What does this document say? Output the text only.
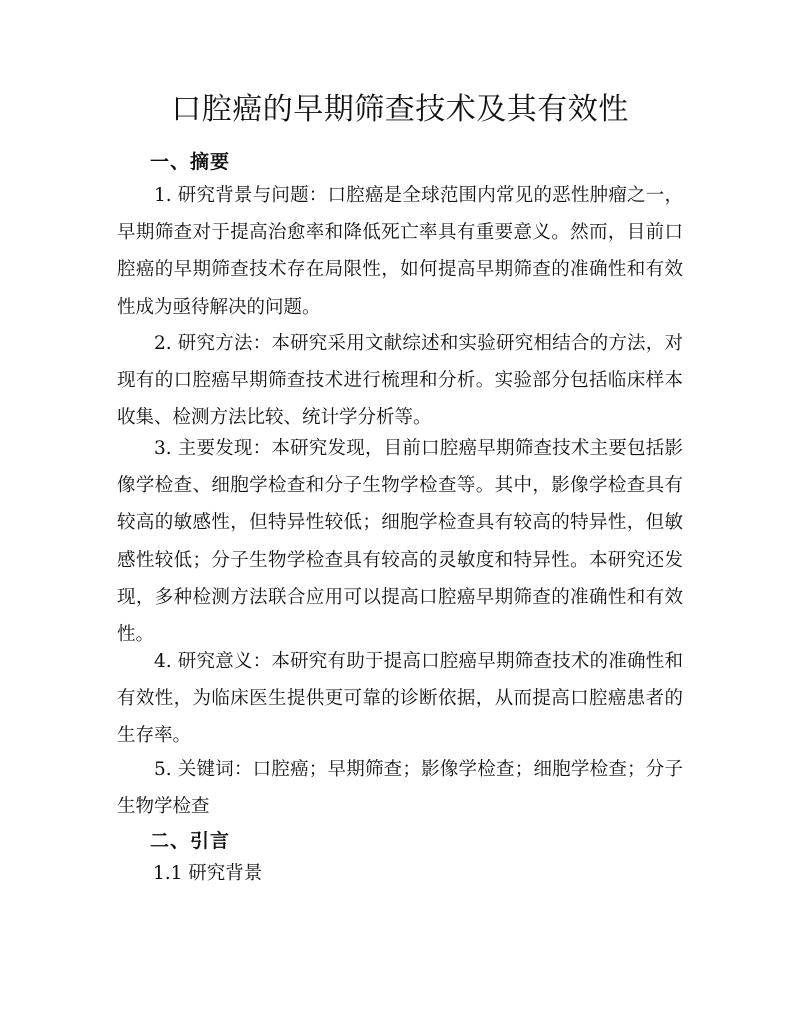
口腔癌的早期筛查技术及其有效性
一、摘要

1. 研究背景与问题：口腔癌是全球范围内常见的恶性肿瘤之一，早期筛查对于提高治愈率和降低死亡率具有重要意义。然而，目前口腔癌的早期筛查技术存在局限性，如何提高早期筛查的准确性和有效性成为亟待解决的问题。

2. 研究方法：本研究采用文献综述和实验研究相结合的方法，对现有的口腔癌早期筛查技术进行梳理和分析。实验部分包括临床样本收集、检测方法比较、统计学分析等。

3. 主要发现：本研究发现，目前口腔癌早期筛查技术主要包括影像学检查、细胞学检查和分子生物学检查等。其中，影像学检查具有较高的敏感性，但特异性较低；细胞学检查具有较高的特异性，但敏感性较低；分子生物学检查具有较高的灵敏度和特异性。本研究还发现，多种检测方法联合应用可以提高口腔癌早期筛查的准确性和有效性。

4. 研究意义：本研究有助于提高口腔癌早期筛查技术的准确性和有效性，为临床医生提供更可靠的诊断依据，从而提高口腔癌患者的生存率。

5. 关键词：口腔癌；早期筛查；影像学检查；细胞学检查；分子生物学检查

二、引言
1.1 研究背景
